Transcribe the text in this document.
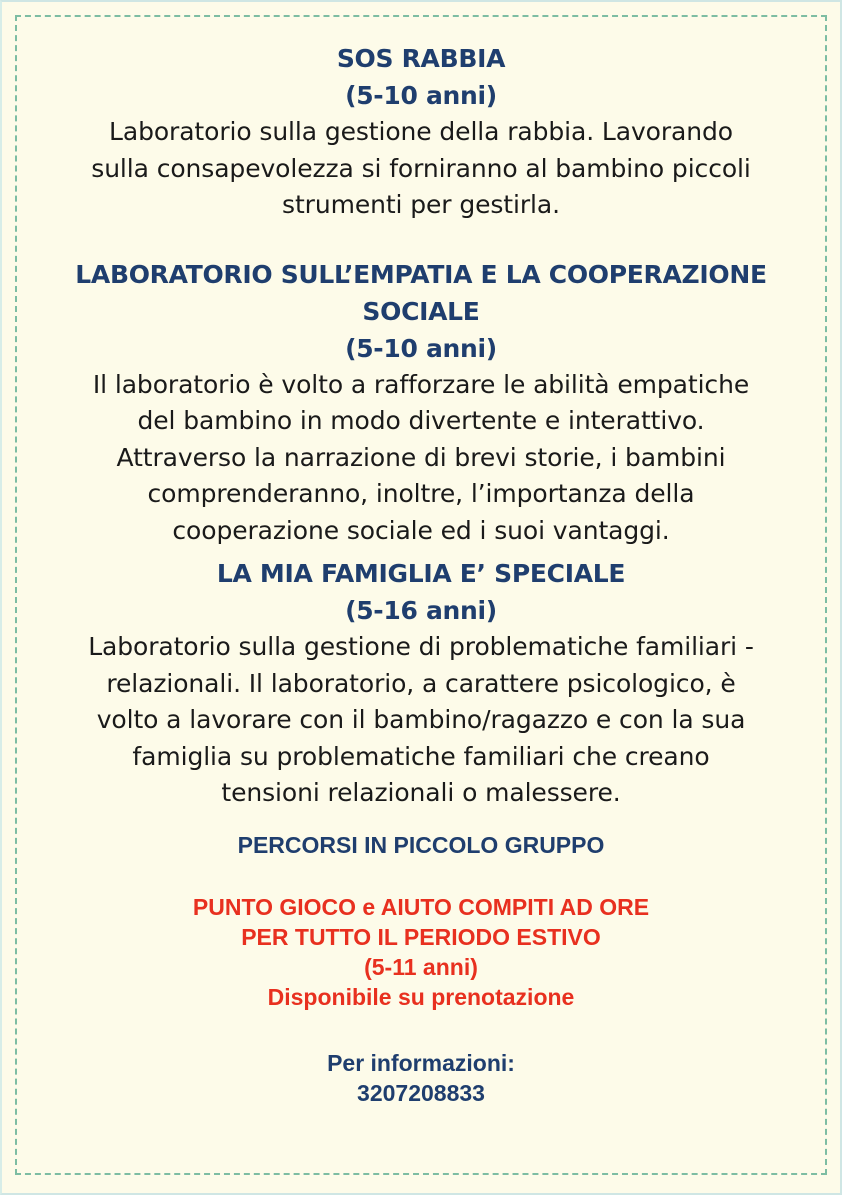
SOS RABBIA

(5-10 anni)

Laboratorio sulla gestione della rabbia. Lavorando

sulla consapevolezza si forniranno al bambino piccoli

strumenti per gestirla.

LABORATORIO SULL’EMPATIA E LA COOPERAZIONE

SOCIALE

(5-10 anni)

Il laboratorio è volto a rafforzare le abilità empatiche

del bambino in modo divertente e interattivo.

Attraverso la narrazione di brevi storie, i bambini

comprenderanno, inoltre, l’importanza della

cooperazione sociale ed i suoi vantaggi.

LA MIA FAMIGLIA E’ SPECIALE

(5-16 anni)

Laboratorio sulla gestione di problematiche familiari -

relazionali. Il laboratorio, a carattere psicologico, è

volto a lavorare con il bambino/ragazzo e con la sua

famiglia su problematiche familiari che creano

tensioni relazionali o malessere.

PERCORSI IN PICCOLO GRUPPO

PUNTO GIOCO e AIUTO COMPITI AD ORE

PER TUTTO IL PERIODO ESTIVO

(5-11 anni)

Disponibile su prenotazione

Per informazioni:

3207208833
